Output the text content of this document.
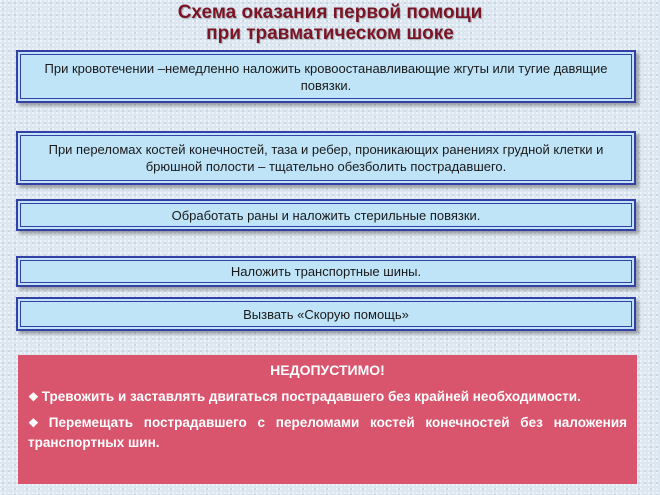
Схема оказания первой помощи
при травматическом шоке
При кровотечении –немедленно наложить кровоостанавливающие жгуты или тугие давящие повязки.
При переломах костей конечностей, таза и ребер, проникающих ранениях грудной клетки и брюшной полости – тщательно обезболить пострадавшего.
Обработать раны и наложить стерильные повязки.
Наложить транспортные шины.
Вызвать «Скорую помощь»
НЕДОПУСТИМО!
❖ Тревожить и заставлять двигаться пострадавшего без крайней необходимости.
❖ Перемещать пострадавшего с переломами костей конечностей без наложения транспортных шин.
